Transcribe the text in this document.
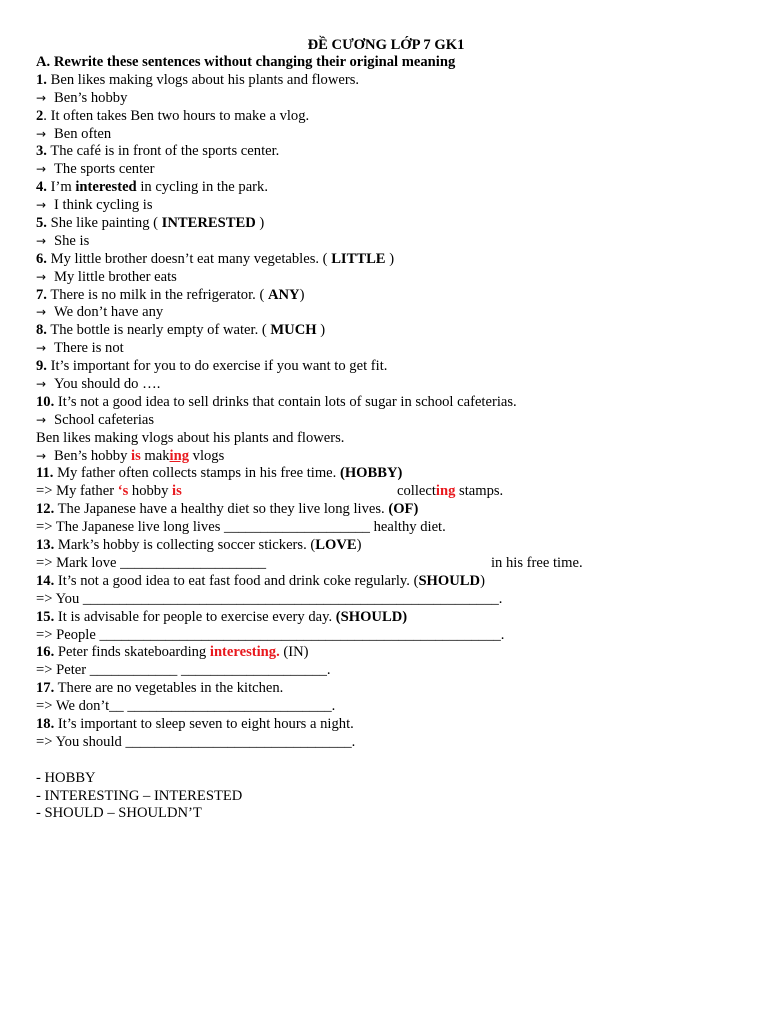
ĐỀ CƯƠNG LỚP 7 GK1
A. Rewrite these sentences without changing their original meaning
1. Ben likes making vlogs about his plants and flowers.
→ Ben’s hobby
2. It often takes Ben two hours to make a vlog.
→ Ben often
3. The café is in front of the sports center.
→ The sports center
4. I’m interested in cycling in the park.
→ I think cycling is
5. She like painting ( INTERESTED )
→ She is
6. My little brother doesn’t eat many vegetables. ( LITTLE )
→ My little brother eats
7. There is no milk in the refrigerator. ( ANY)
→ We don’t have any
8. The bottle is nearly empty of water. ( MUCH )
→ There is not
9. It’s important for you to do exercise if you want to get fit.
→ You should do ….
10. It’s not a good idea to sell drinks that contain lots of sugar in school cafeterias.
→ School cafeterias
Ben likes making vlogs about his plants and flowers.
→ Ben’s hobby is making vlogs
11. My father often collects stamps in his free time. (HOBBY)
=> My father ‘s hobby is	collecting stamps.
12. The Japanese have a healthy diet so they live long lives. (OF)
=> The Japanese live long lives ____________________ healthy diet.
13. Mark’s hobby is collecting soccer stickers. (LOVE)
=> Mark love ____________________	in his free time.
14. It’s not a good idea to eat fast food and drink coke regularly. (SHOULD)
=> You _________________________________________________________.
15. It is advisable for people to exercise every day. (SHOULD)
=> People _______________________________________________________.
16. Peter finds skateboarding interesting. (IN)
=> Peter ____________ ____________________.
17. There are no vegetables in the kitchen.
=> We don’t__ ____________________________.
18. It’s important to sleep seven to eight hours a night.
=> You should _______________________________.
- HOBBY
- INTERESTING – INTERESTED
- SHOULD – SHOULDN’T
